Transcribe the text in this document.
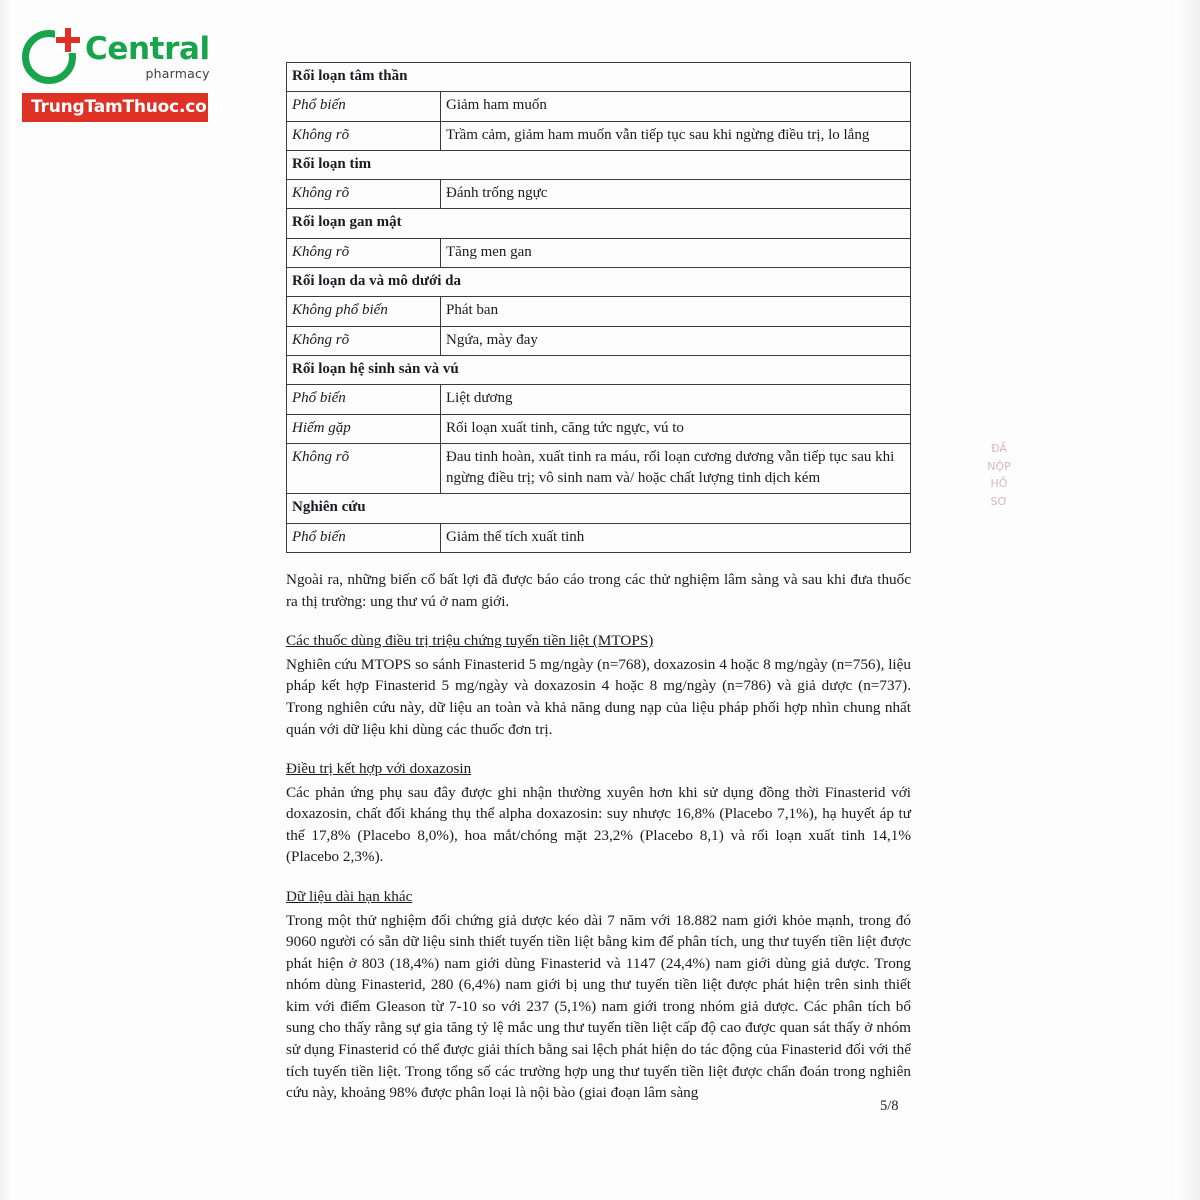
Central
pharmacy
TrungTamThuoc.com
ĐÃ NỘP HỒ SƠ
Rối loạn tâm thần	
Phổ biến	Giảm ham muốn
Không rõ	Trầm cảm, giảm ham muốn vẫn tiếp tục sau khi ngừng điều trị, lo lắng
Rối loạn tim	
Không rõ	Đánh trống ngực
Rối loạn gan mật	
Không rõ	Tăng men gan
Rối loạn da và mô dưới da	
Không phổ biến	Phát ban
Không rõ	Ngứa, mày đay
Rối loạn hệ sinh sản và vú	
Phổ biến	Liệt dương
Hiếm gặp	Rối loạn xuất tinh, căng tức ngực, vú to
Không rõ	Đau tinh hoàn, xuất tinh ra máu, rối loạn cương dương vẫn tiếp tục sau khi ngừng điều trị; vô sinh nam và/ hoặc chất lượng tinh dịch kém
Nghiên cứu	
Phổ biến	Giảm thể tích xuất tinh

Ngoài ra, những biến cố bất lợi đã được báo cáo trong các thử nghiệm lâm sàng và sau khi đưa thuốc ra thị trường: ung thư vú ở nam giới.

Các thuốc dùng điều trị triệu chứng tuyến tiền liệt (MTOPS)

Nghiên cứu MTOPS so sánh Finasterid 5 mg/ngày (n=768), doxazosin 4 hoặc 8 mg/ngày (n=756), liệu pháp kết hợp Finasterid 5 mg/ngày và doxazosin 4 hoặc 8 mg/ngày (n=786) và giả dược (n=737). Trong nghiên cứu này, dữ liệu an toàn và khả năng dung nạp của liệu pháp phối hợp nhìn chung nhất quán với dữ liệu khi dùng các thuốc đơn trị.

Điều trị kết hợp với doxazosin

Các phản ứng phụ sau đây được ghi nhận thường xuyên hơn khi sử dụng đồng thời Finasterid với doxazosin, chất đối kháng thụ thể alpha doxazosin: suy nhược 16,8% (Placebo 7,1%), hạ huyết áp tư thế 17,8% (Placebo 8,0%), hoa mắt/chóng mặt 23,2% (Placebo 8,1) và rối loạn xuất tinh 14,1% (Placebo 2,3%).

Dữ liệu dài hạn khác

Trong một thử nghiệm đối chứng giả dược kéo dài 7 năm với 18.882 nam giới khỏe mạnh, trong đó 9060 người có sẵn dữ liệu sinh thiết tuyến tiền liệt bằng kim để phân tích, ung thư tuyến tiền liệt được phát hiện ở 803 (18,4%) nam giới dùng Finasterid và 1147 (24,4%) nam giới dùng giả dược. Trong nhóm dùng Finasterid, 280 (6,4%) nam giới bị ung thư tuyến tiền liệt được phát hiện trên sinh thiết kim với điểm Gleason từ 7-10 so với 237 (5,1%) nam giới trong nhóm giả dược. Các phân tích bổ sung cho thấy rằng sự gia tăng tỷ lệ mắc ung thư tuyến tiền liệt cấp độ cao được quan sát thấy ở nhóm sử dụng Finasterid có thể được giải thích bằng sai lệch phát hiện do tác động của Finasterid đối với thể tích tuyến tiền liệt. Trong tổng số các trường hợp ung thư tuyến tiền liệt được chẩn đoán trong nghiên cứu này, khoảng 98% được phân loại là nội bào (giai đoạn lâm sàng

5/8
